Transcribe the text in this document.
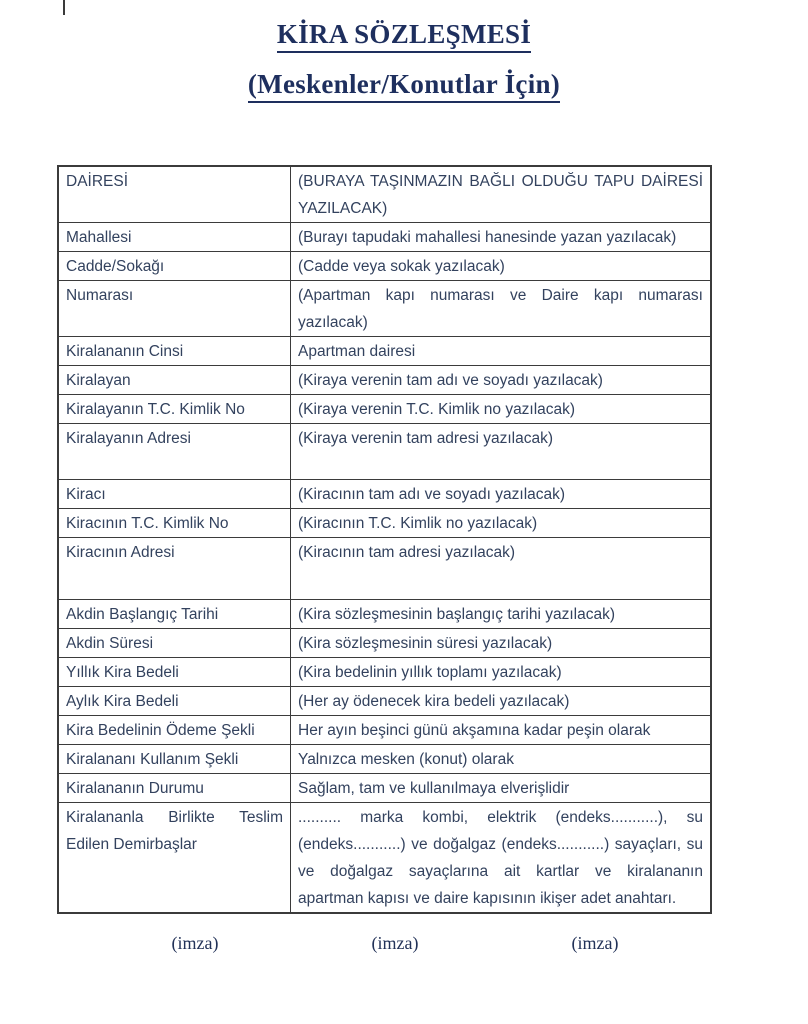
KİRA SÖZLEŞMESİ
(Meskenler/Konutlar İçin)
DAİRESİ	(BURAYA TAŞINMAZIN BAĞLI OLDUĞU TAPU DAİRESİ YAZILACAK)
Mahallesi	(Burayı tapudaki mahallesi hanesinde yazan yazılacak)
Cadde/Sokağı	(Cadde veya sokak yazılacak)
Numarası	(Apartman kapı numarası ve Daire kapı numarası yazılacak)
Kiralananın Cinsi	Apartman dairesi
Kiralayan	(Kiraya verenin tam adı ve soyadı yazılacak)
Kiralayanın T.C. Kimlik No	(Kiraya verenin T.C. Kimlik no yazılacak)
Kiralayanın Adresi	(Kiraya verenin tam adresi yazılacak)
Kiracı	(Kiracının tam adı ve soyadı yazılacak)
Kiracının T.C. Kimlik No	(Kiracının T.C. Kimlik no yazılacak)
Kiracının Adresi	(Kiracının tam adresi yazılacak)
Akdin Başlangıç Tarihi	(Kira sözleşmesinin başlangıç tarihi yazılacak)
Akdin Süresi	(Kira sözleşmesinin süresi yazılacak)
Yıllık Kira Bedeli	(Kira bedelinin yıllık toplamı yazılacak)
Aylık Kira Bedeli	(Her ay ödenecek kira bedeli yazılacak)
Kira Bedelinin Ödeme Şekli	Her ayın beşinci günü akşamına kadar peşin olarak
Kiralananı Kullanım Şekli	Yalnızca mesken (konut) olarak
Kiralananın Durumu	Sağlam, tam ve kullanılmaya elverişlidir
Kiralananla Birlikte Teslim Edilen Demirbaşlar	.......... marka kombi, elektrik (endeks...........), su (endeks...........) ve doğalgaz (endeks...........) sayaçları, su ve doğalgaz sayaçlarına ait kartlar ve kiralananın apartman kapısı ve daire kapısının ikişer adet anahtarı.
(imza)	(imza)	(imza)
